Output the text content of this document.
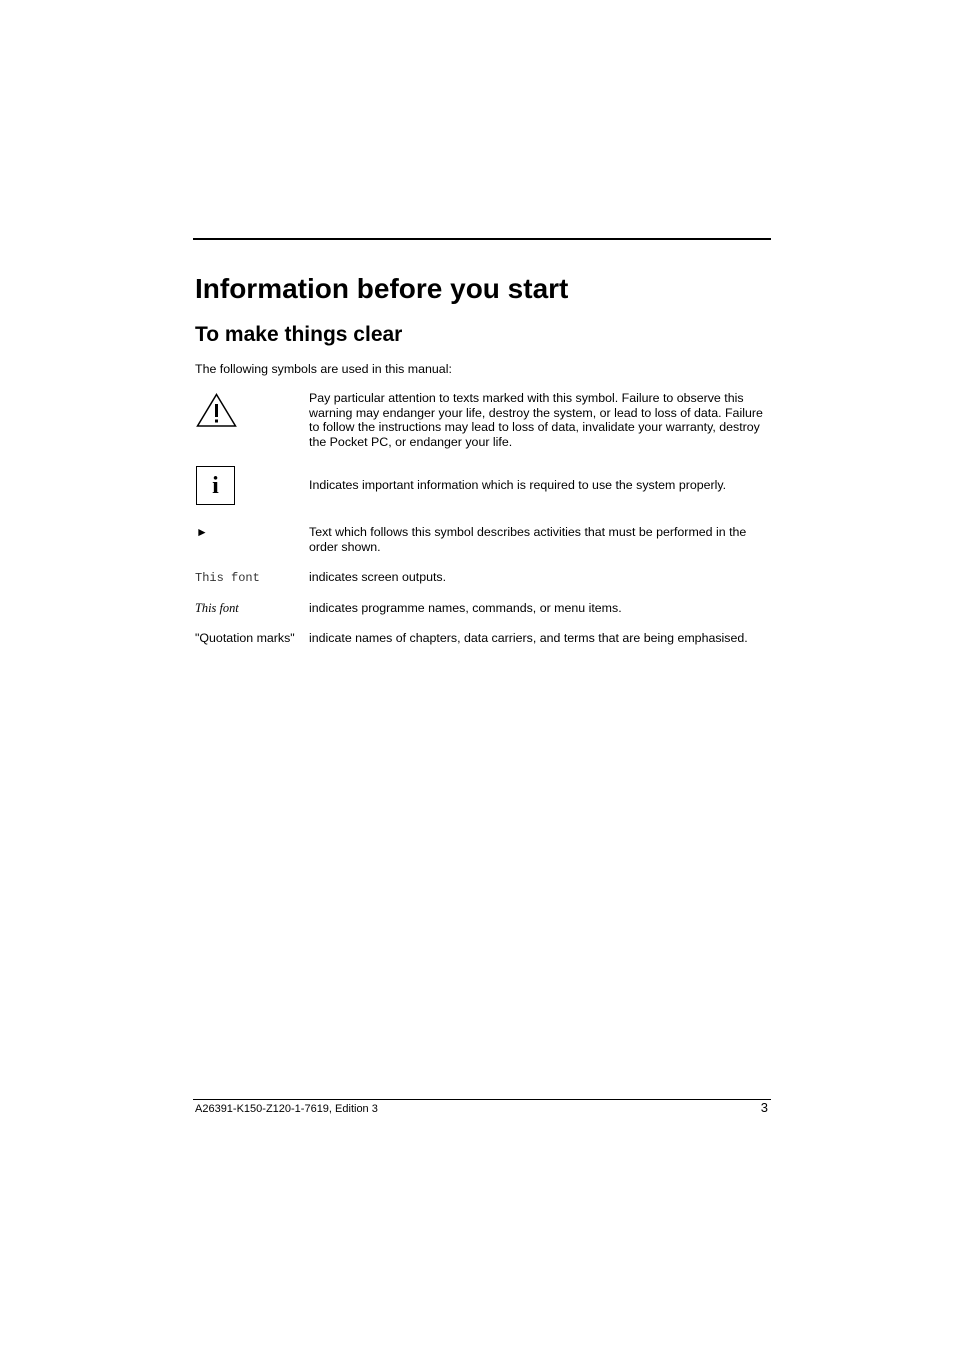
Information before you start
To make things clear
The following symbols are used in this manual:
Pay particular attention to texts marked with this symbol. Failure to observe this warning may endanger your life, destroy the system, or lead to loss of data. Failure to follow the instructions may lead to loss of data, invalidate your warranty, destroy the Pocket PC, or endanger your life.
i	Indicates important information which is required to use the system properly.
►	Text which follows this symbol describes activities that must be performed in the order shown.
This font	indicates screen outputs.
This font	indicates programme names, commands, or menu items.
"Quotation marks" indicate names of chapters, data carriers, and terms that are being emphasised.
A26391-K150-Z120-1-7619, Edition 3	3
